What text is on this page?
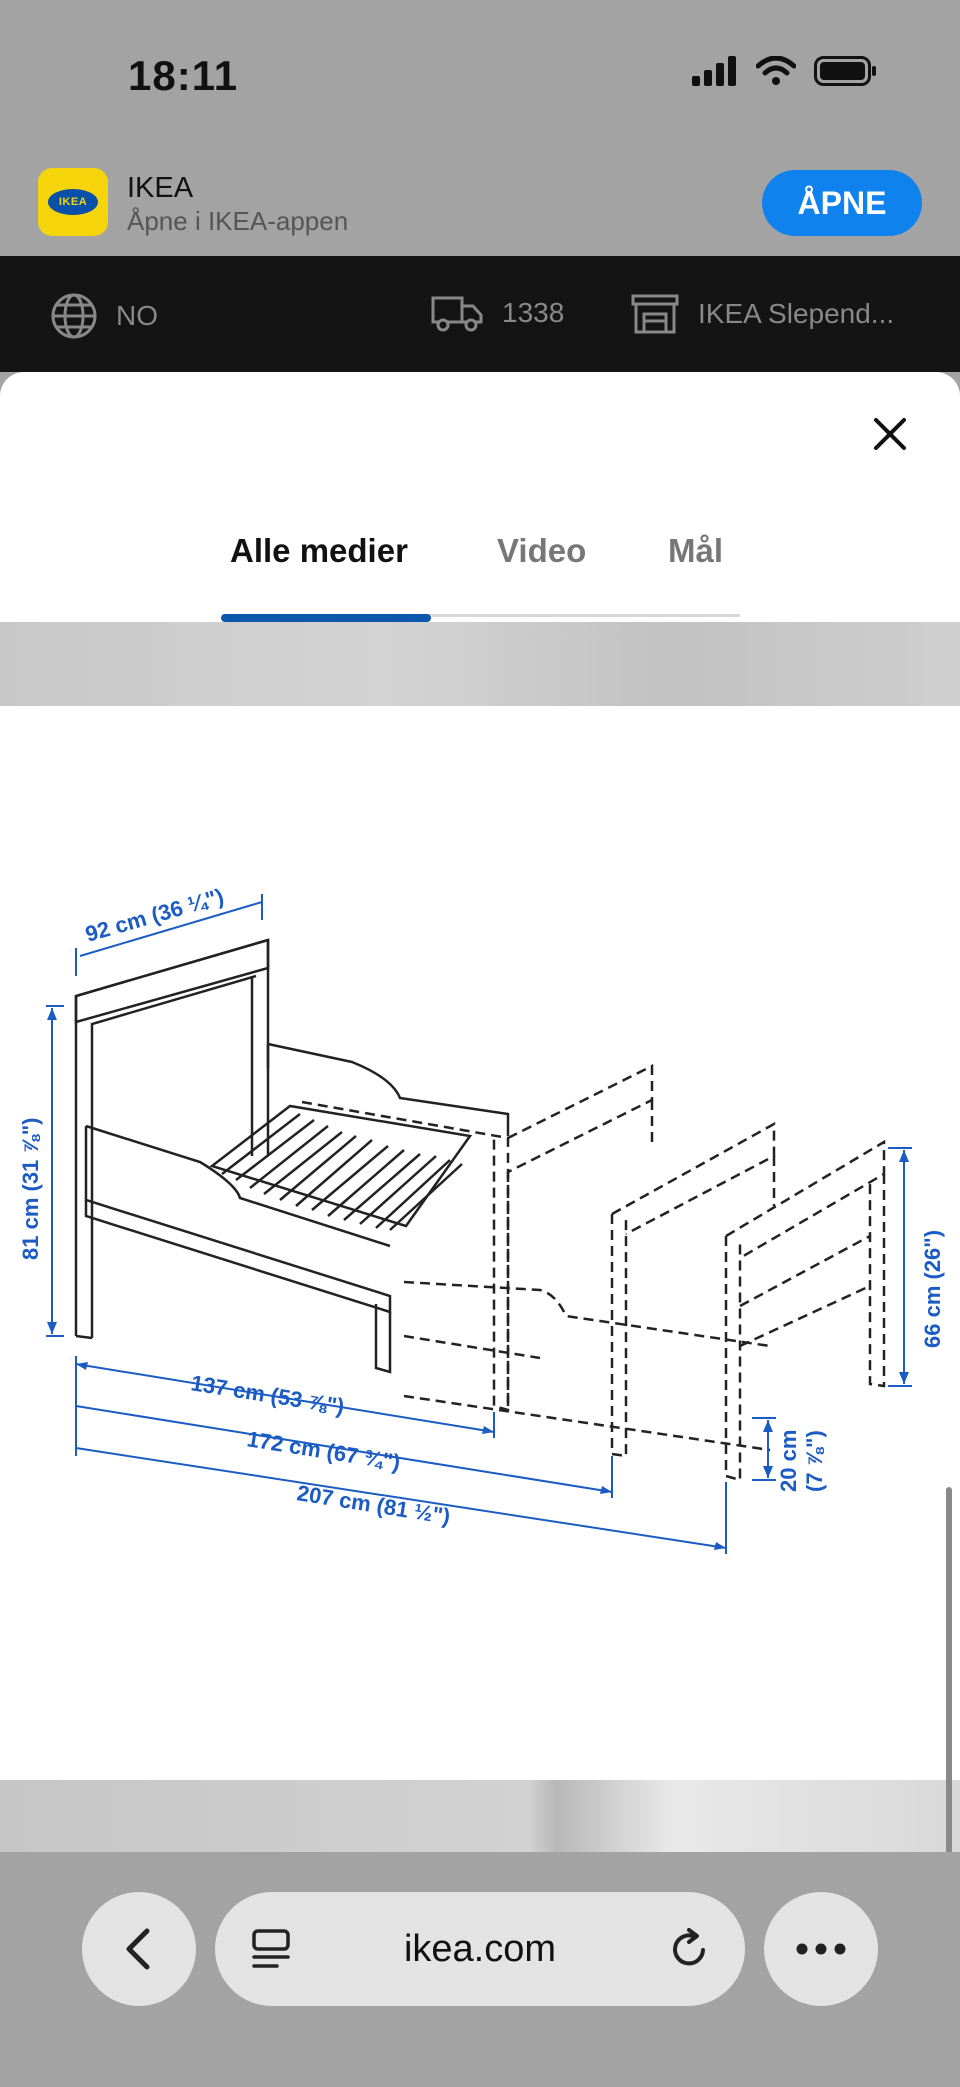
18:11
IKEA IKEA
Åpne i IKEA-appen	ÅPNE
NO	1338	IKEA Slepend...
Alle medier	Video Mål
92 cm (36 ¼")
81 cm (31 ⅞")
66 cm (26")
20 cm (7 ⅞")
137 cm (53 ⅞")
172 cm (67 ¾")
207 cm (81 ½")
ikea.com
